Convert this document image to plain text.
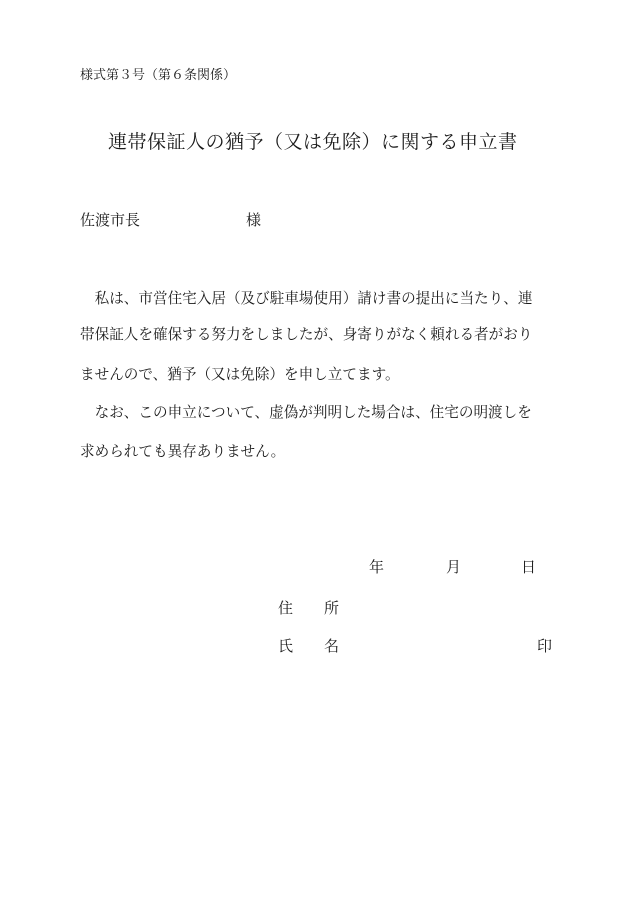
様式第３号（第６条関係）
連帯保証人の猶予（又は免除）に関する申立書
佐渡市長	様
　私は、市営住宅入居（及び駐車場使用）請け書の提出に当たり、連
帯保証人を確保する努力をしましたが、身寄りがなく頼れる者がおり
ませんので、猶予（又は免除）を申し立てます。
　なお、この申立について、虚偽が判明した場合は、住宅の明渡しを
求められても異存ありません。
年	月	日
住 所
氏 名	印
